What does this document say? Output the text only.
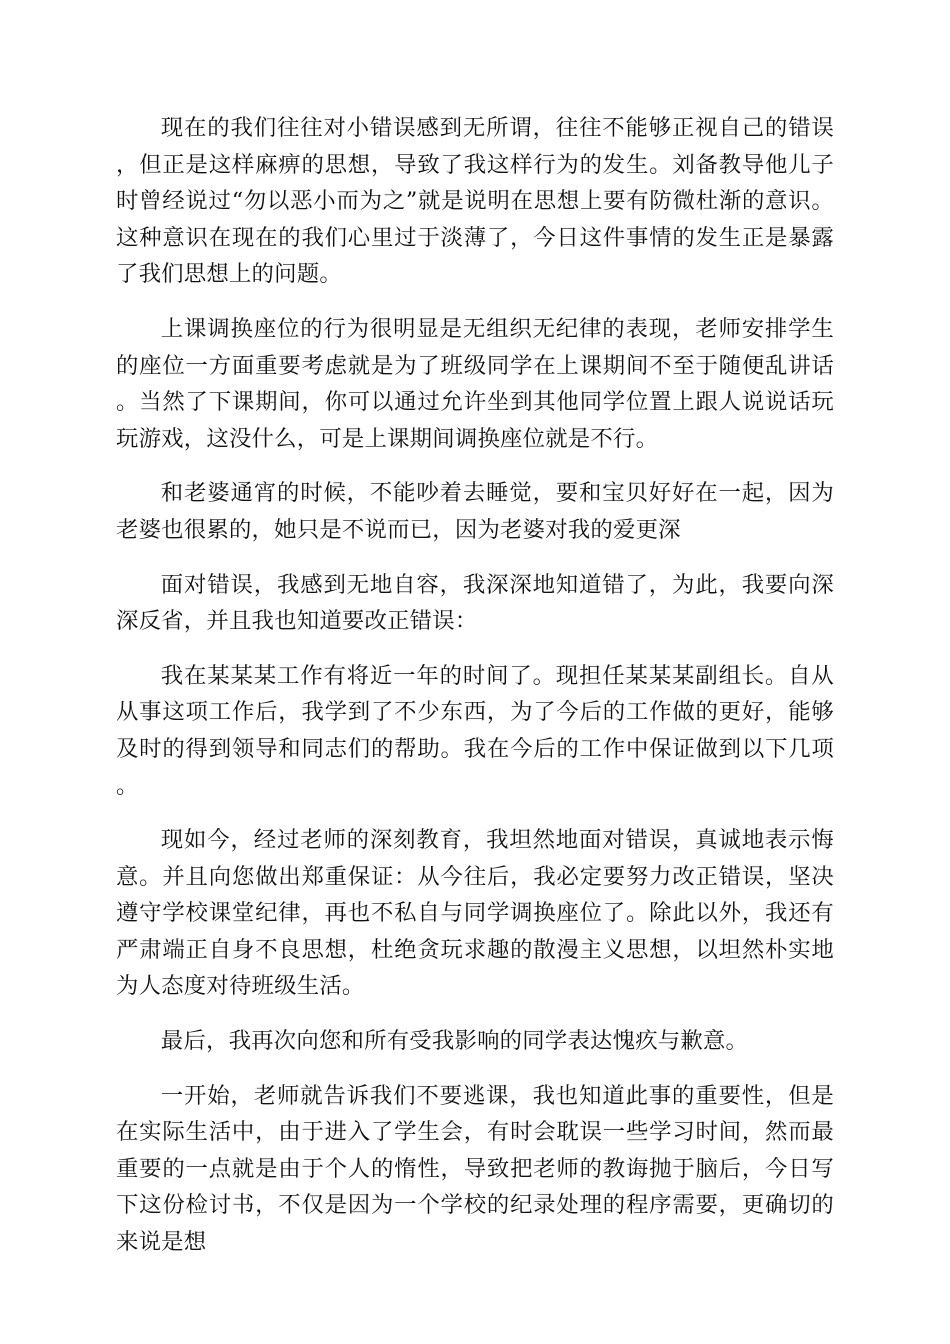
现在的我们往往对小错误感到无所谓，往往不能够正视自己的错误，但正是这样麻痹的思想，导致了我这样行为的发生。刘备教导他儿子时曾经说过“勿以恶小而为之”就是说明在思想上要有防微杜渐的意识。这种意识在现在的我们心里过于淡薄了，今日这件事情的发生正是暴露了我们思想上的问题。

上课调换座位的行为很明显是无组织无纪律的表现，老师安排学生的座位一方面重要考虑就是为了班级同学在上课期间不至于随便乱讲话。当然了下课期间，你可以通过允许坐到其他同学位置上跟人说说话玩玩游戏，这没什么，可是上课期间调换座位就是不行。

和老婆通宵的时候，不能吵着去睡觉，要和宝贝好好在一起，因为老婆也很累的，她只是不说而已，因为老婆对我的爱更深

面对错误，我感到无地自容，我深深地知道错了，为此，我要向深深反省，并且我也知道要改正错误：

我在某某某工作有将近一年的时间了。现担任某某某副组长。自从从事这项工作后，我学到了不少东西，为了今后的工作做的更好，能够及时的得到领导和同志们的帮助。我在今后的工作中保证做到以下几项。

现如今，经过老师的深刻教育，我坦然地面对错误，真诚地表示悔意。并且向您做出郑重保证：从今往后，我必定要努力改正错误，坚决遵守学校课堂纪律，再也不私自与同学调换座位了。除此以外，我还有严肃端正自身不良思想，杜绝贪玩求趣的散漫主义思想，以坦然朴实地为人态度对待班级生活。

最后，我再次向您和所有受我影响的同学表达愧疚与歉意。

一开始，老师就告诉我们不要逃课，我也知道此事的重要性，但是在实际生活中，由于进入了学生会，有时会耽误一些学习时间，然而最重要的一点就是由于个人的惰性，导致把老师的教诲抛于脑后，今日写下这份检讨书，不仅是因为一个学校的纪录处理的程序需要，更确切的来说是想
